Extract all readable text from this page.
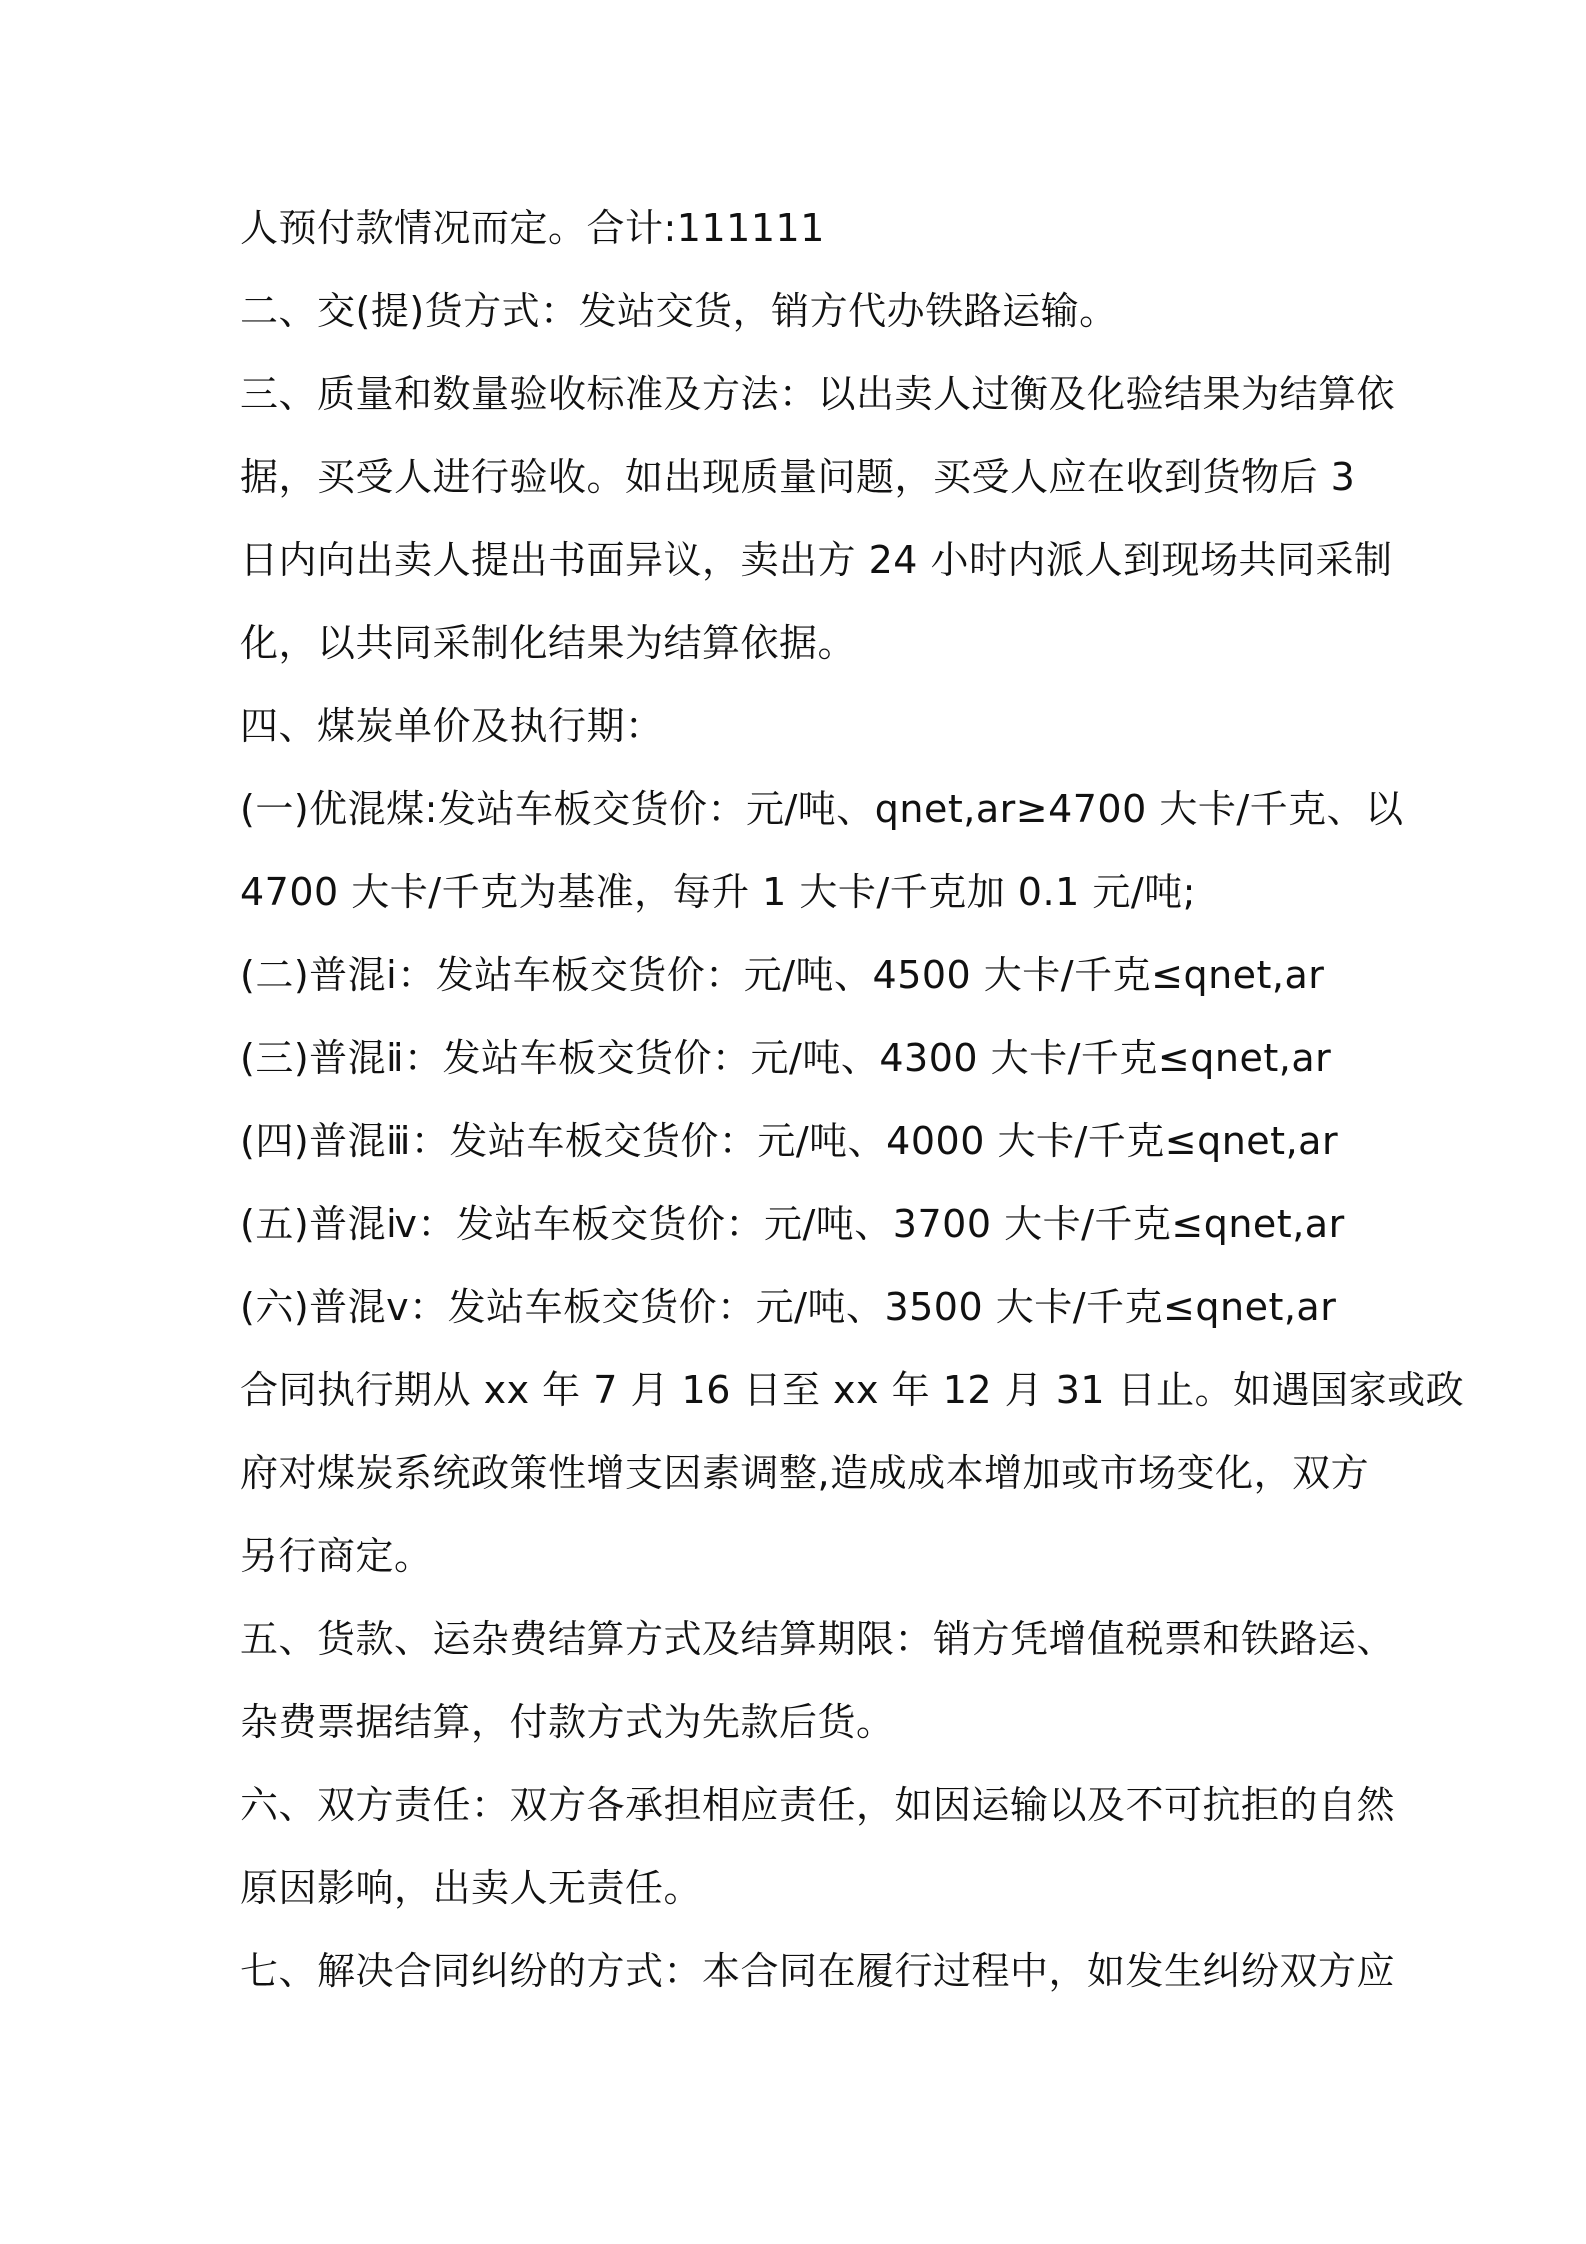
人预付款情况而定。合计:111111
二、交(提)货方式：发站交货，销方代办铁路运输。
三、质量和数量验收标准及方法：以出卖人过衡及化验结果为结算依
据，买受人进行验收。如出现质量问题，买受人应在收到货物后 3
日内向出卖人提出书面异议，卖出方 24 小时内派人到现场共同采制
化，以共同采制化结果为结算依据。
四、煤炭单价及执行期：
(一)优混煤:发站车板交货价：元/吨、qnet,ar≥4700 大卡/千克、以
4700 大卡/千克为基准，每升 1 大卡/千克加 0.1 元/吨;
(二)普混ⅰ：发站车板交货价：元/吨、4500 大卡/千克≤qnet,ar
(三)普混ⅱ：发站车板交货价：元/吨、4300 大卡/千克≤qnet,ar
(四)普混ⅲ：发站车板交货价：元/吨、4000 大卡/千克≤qnet,ar
(五)普混ⅳ：发站车板交货价：元/吨、3700 大卡/千克≤qnet,ar
(六)普混ⅴ：发站车板交货价：元/吨、3500 大卡/千克≤qnet,ar
合同执行期从 xx 年 7 月 16 日至 xx 年 12 月 31 日止。如遇国家或政
府对煤炭系统政策性增支因素调整,造成成本增加或市场变化，双方
另行商定。
五、货款、运杂费结算方式及结算期限：销方凭增值税票和铁路运、
杂费票据结算，付款方式为先款后货。
六、双方责任：双方各承担相应责任，如因运输以及不可抗拒的自然
原因影响，出卖人无责任。
七、解决合同纠纷的方式：本合同在履行过程中，如发生纠纷双方应
